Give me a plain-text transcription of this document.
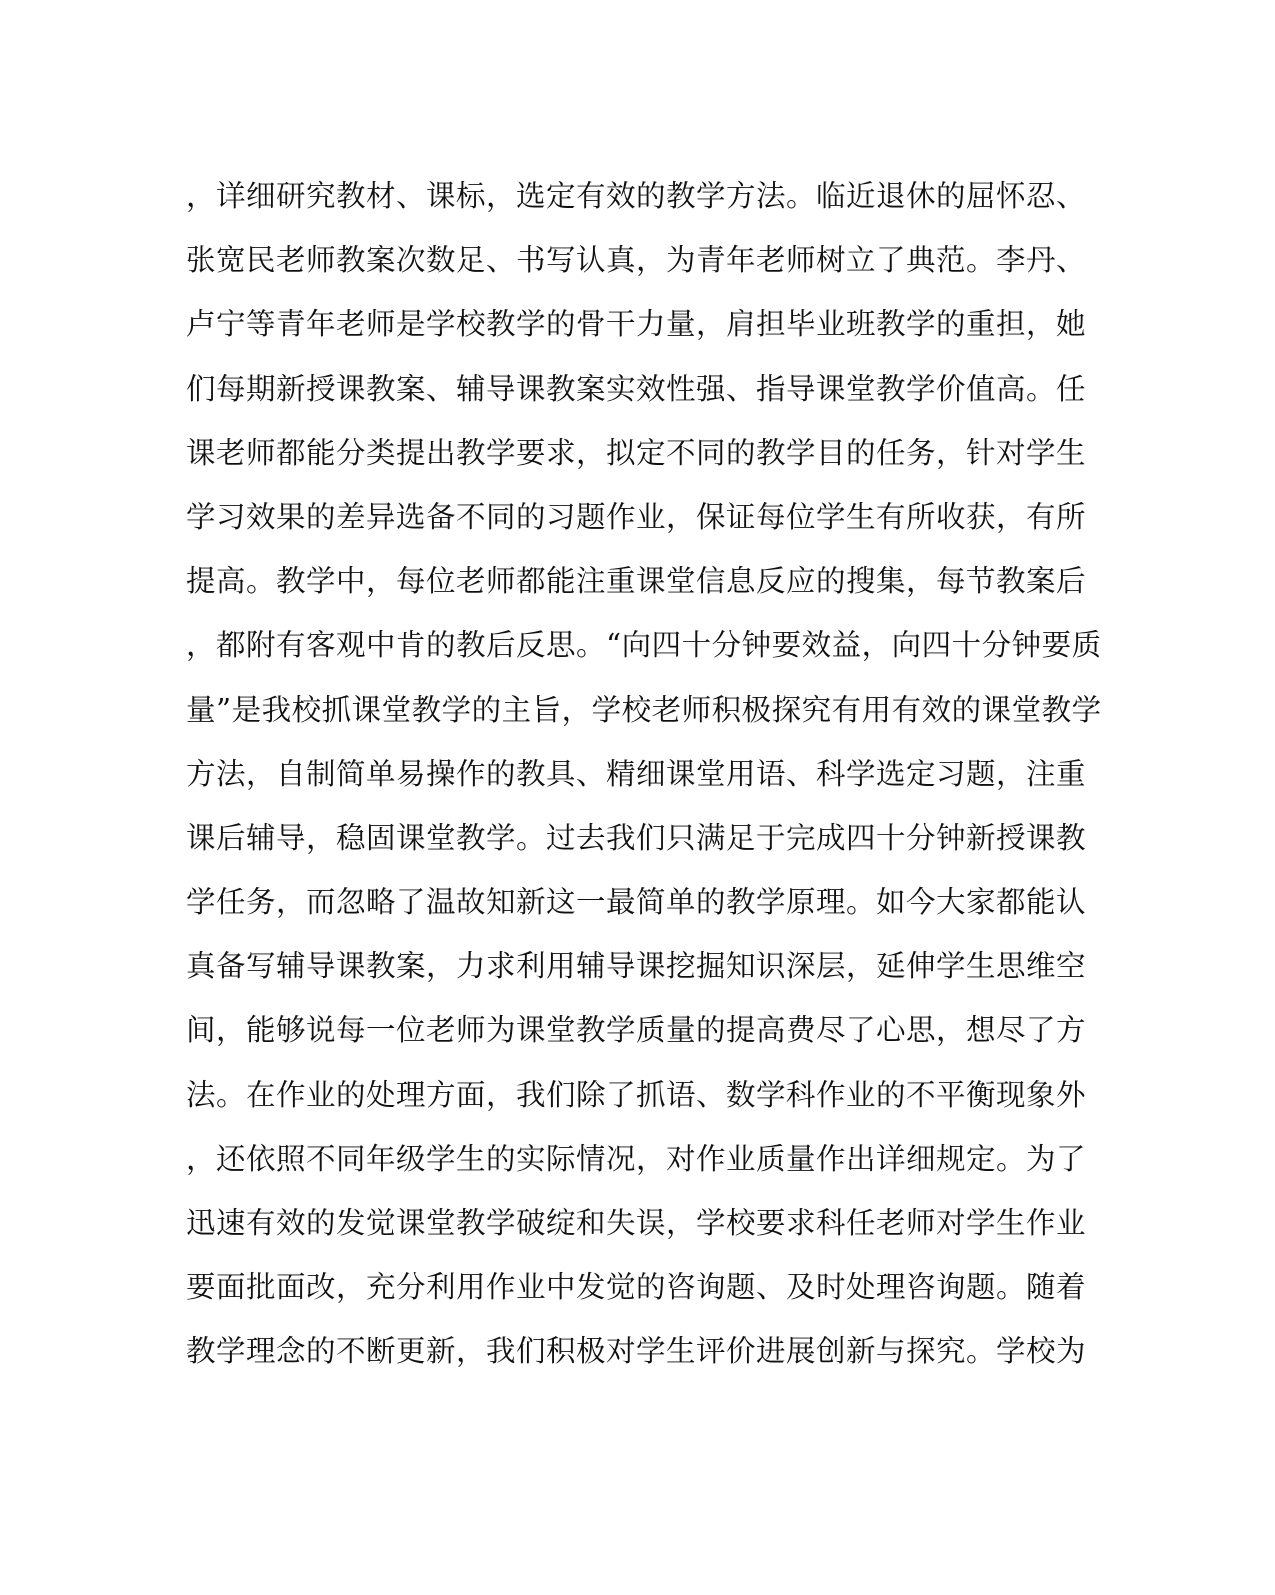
，详细研究教材、课标，选定有效的教学方法。临近退休的屈怀忍、
张宽民老师教案次数足、书写认真，为青年老师树立了典范。李丹、
卢宁等青年老师是学校教学的骨干力量，肩担毕业班教学的重担，她
们每期新授课教案、辅导课教案实效性强、指导课堂教学价值高。任
课老师都能分类提出教学要求，拟定不同的教学目的任务，针对学生
学习效果的差异选备不同的习题作业，保证每位学生有所收获，有所
提高。教学中，每位老师都能注重课堂信息反应的搜集，每节教案后
，都附有客观中肯的教后反思。“向四十分钟要效益，向四十分钟要质
量”是我校抓课堂教学的主旨，学校老师积极探究有用有效的课堂教学
方法，自制简单易操作的教具、精细课堂用语、科学选定习题，注重
课后辅导，稳固课堂教学。过去我们只满足于完成四十分钟新授课教
学任务，而忽略了温故知新这一最简单的教学原理。如今大家都能认
真备写辅导课教案，力求利用辅导课挖掘知识深层，延伸学生思维空
间，能够说每一位老师为课堂教学质量的提高费尽了心思，想尽了方
法。在作业的处理方面，我们除了抓语、数学科作业的不平衡现象外
，还依照不同年级学生的实际情况，对作业质量作出详细规定。为了
迅速有效的发觉课堂教学破绽和失误，学校要求科任老师对学生作业
要面批面改，充分利用作业中发觉的咨询题、及时处理咨询题。随着
教学理念的不断更新，我们积极对学生评价进展创新与探究。学校为
